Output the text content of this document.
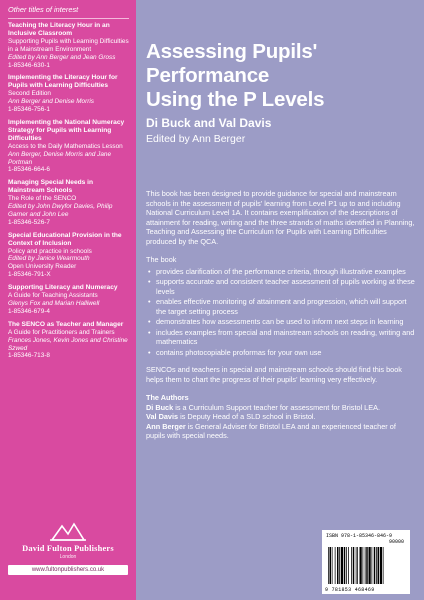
Other titles of interest
Teaching the Literacy Hour in an Inclusive Classroom
Supporting Pupils with Learning Difficulties in a Mainstream Environment
Edited by Ann Berger and Jean Gross
1-85346-630-1
Implementing the Literacy Hour for Pupils with Learning Difficulties
Second Edition
Ann Berger and Denise Morris
1-85346-756-1
Implementing the National Numeracy Strategy for Pupils with Learning Difficulties
Access to the Daily Mathematics Lesson
Ann Berger, Denise Morris and Jane Portman
1-85346-664-6
Managing Special Needs in Mainstream Schools
The Role of the SENCO
Edited by John Dwyfor Davies, Philip Garner and John Lee
1-85346-526-7
Special Educational Provision in the Context of Inclusion
Policy and practice in schools
Edited by Janice Wearmouth
Open University Reader
1-85346-791-X
Supporting Literacy and Numeracy
A Guide for Teaching Assistants
Glenys Fox and Marian Halliwell
1-85346-679-4
The SENCO as Teacher and Manager
A Guide for Practitioners and Trainers
Frances Jones, Kevin Jones and Christine Szwed
1-85346-713-8
David Fulton Publishers
London
www.fultonpublishers.co.uk
Assessing Pupils'
Performance
Using the P Levels
Di Buck and Val Davis
Edited by Ann Berger

This book has been designed to provide guidance for special and mainstream schools in the assessment of pupils' learning from Level P1 up to and including National Curriculum Level 1A. It contains exemplification of the descriptions of attainment for reading, writing and the three strands of maths identified in Planning, Teaching and Assessing the Curriculum for Pupils with Learning Difficulties produced by the QCA.

The book
• provides clarification of the performance criteria, through illustrative examples
• supports accurate and consistent teacher assessment of pupils working at these levels
• enables effective monitoring of attainment and progression, which will support the target setting process
• demonstrates how assessments can be used to inform next steps in learning
• includes examples from special and mainstream schools on reading, writing and mathematics
• contains photocopiable proformas for your own use

SENCOs and teachers in special and mainstream schools should find this book helps them to chart the progress of their pupils' learning very effectively.

The Authors
Di Buck is a Curriculum Support teacher for assessment for Bristol LEA.
Val Davis is Deputy Head of a SLD school in Bristol.
Ann Berger is General Adviser for Bristol LEA and an experienced teacher of pupils with special needs.
ISBN 978-1-85346-846-9
90000
9 781853 468469
